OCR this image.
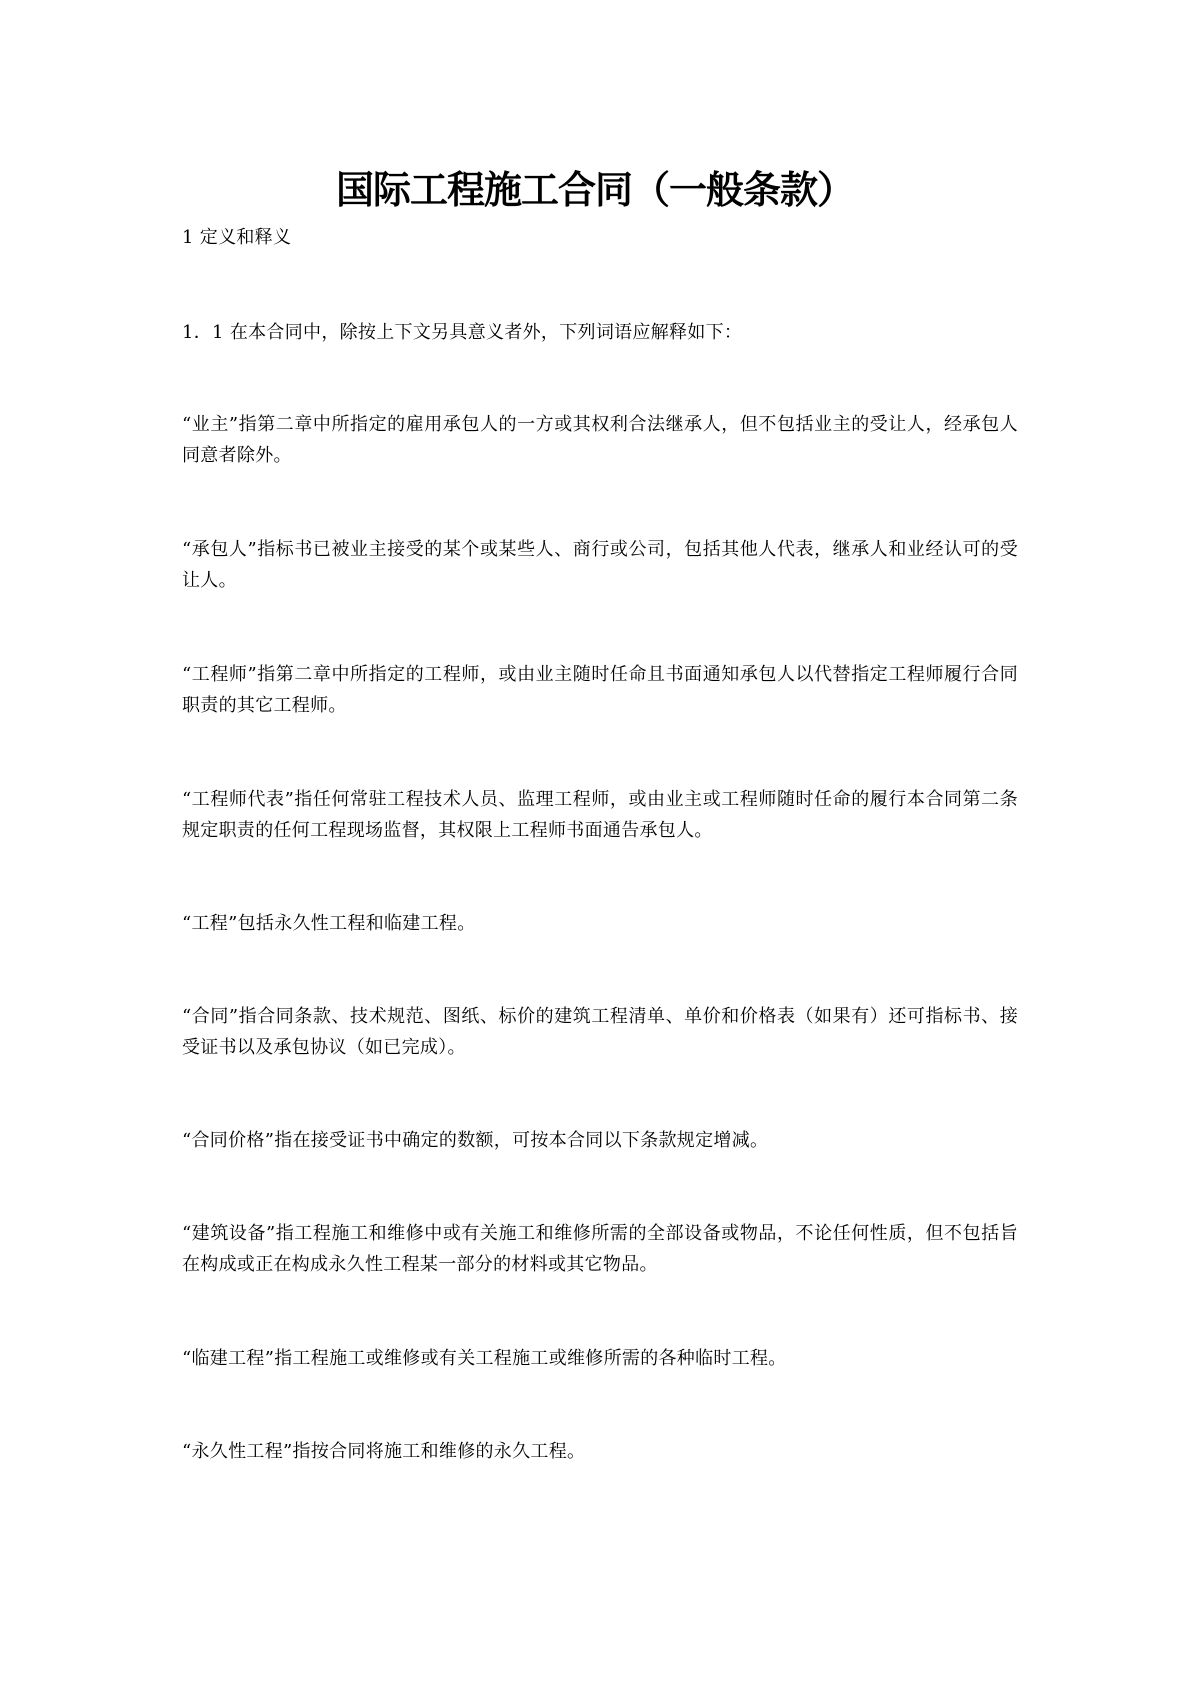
国际工程施工合同（一般条款）

1 定义和释义

1．1 在本合同中，除按上下文另具意义者外，下列词语应解释如下：

“业主”指第二章中所指定的雇用承包人的一方或其权利合法继承人，但不包括业主的受让人，经承包人同意者除外。

“承包人”指标书已被业主接受的某个或某些人、商行或公司，包括其他人代表，继承人和业经认可的受让人。

“工程师”指第二章中所指定的工程师，或由业主随时任命且书面通知承包人以代替指定工程师履行合同职责的其它工程师。

“工程师代表”指任何常驻工程技术人员、监理工程师，或由业主或工程师随时任命的履行本合同第二条规定职责的任何工程现场监督，其权限上工程师书面通告承包人。

“工程”包括永久性工程和临建工程。

“合同”指合同条款、技术规范、图纸、标价的建筑工程清单、单价和价格表（如果有）还可指标书、接受证书以及承包协议（如已完成）。

“合同价格”指在接受证书中确定的数额，可按本合同以下条款规定增减。

“建筑设备”指工程施工和维修中或有关施工和维修所需的全部设备或物品，不论任何性质，但不包括旨在构成或正在构成永久性工程某一部分的材料或其它物品。

“临建工程”指工程施工或维修或有关工程施工或维修所需的各种临时工程。

“永久性工程”指按合同将施工和维修的永久工程。
